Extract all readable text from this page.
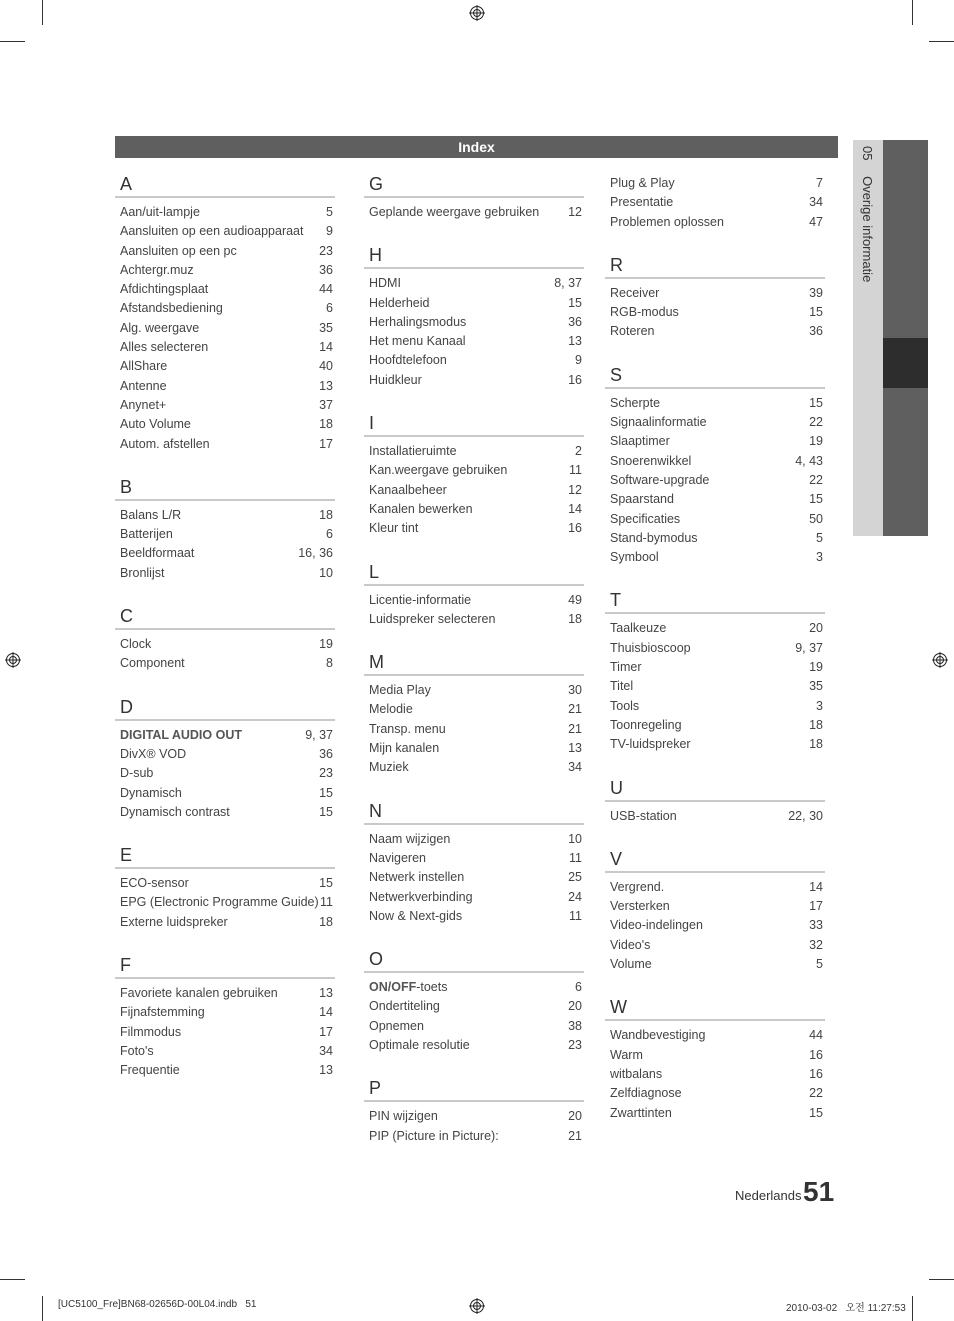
Index	05 Overige informatie
A
Aan/uit-lampje	5
Aansluiten op een audioapparaat 9
Aansluiten op een pc	23
Achtergr.muz	36
Afdichtingsplaat	44
Afstandsbediening	6
Alg. weergave	35
Alles selecteren	14
AllShare	40
Antenne	13
Anynet+	37
Auto Volume	18
Autom. afstellen	17
B
Balans L/R	18
Batterijen	6
Beeldformaat	16, 36
Bronlijst	10
C
Clock	19
Component	8
D
DIGITAL AUDIO OUT	9, 37
DivX® VOD	36
D-sub	23
Dynamisch	15
Dynamisch contrast	15
E
ECO-sensor	15
EPG (Electronic Programme Guide) 11
Externe luidspreker	18
F
Favoriete kanalen gebruiken	13
Fijnafstemming	14
Filmmodus	17
Foto's	34
Frequentie	13
G
Geplande weergave gebruiken 12
H
HDMI	8, 37
Helderheid	15
Herhalingsmodus	36
Het menu Kanaal	13
Hoofdtelefoon	9
Huidkleur	16
I
Installatieruimte	2
Kan.weergave gebruiken	11
Kanaalbeheer	12
Kanalen bewerken	14
Kleur tint	16
L
Licentie-informatie	49
Luidspreker selecteren	18
M
Media Play	30
Melodie	21
Transp. menu	21
Mijn kanalen	13
Muziek	34
N
Naam wijzigen	10
Navigeren	11
Netwerk instellen	25
Netwerkverbinding	24
Now & Next-gids	11
O
ON/OFF-toets	6
Ondertiteling	20
Opnemen	38
Optimale resolutie	23
P
PIN wijzigen	20
PIP (Picture in Picture):	21
Plug & Play	7
Presentatie	34
Problemen oplossen	47
R
Receiver	39
RGB-modus	15
Roteren	36
S
Scherpte	15
Signaalinformatie	22
Slaaptimer	19
Snoerenwikkel	4, 43
Software-upgrade	22
Spaarstand	15
Specificaties	50
Stand-bymodus	5
Symbool	3
T
Taalkeuze	20
Thuisbioscoop	9, 37
Timer	19
Titel	35
Tools	3
Toonregeling	18
TV-luidspreker	18
U
USB-station	22, 30
V
Vergrend.	14
Versterken	17
Video-indelingen	33
Video's	32
Volume	5
W
Wandbevestiging	44
Warm	16
witbalans	16
Zelfdiagnose	22
Zwarttinten	15
Nederlands 51
[UC5100_Fre]BN68-02656D-00L04.indb   51	2010-03-02   오전 11:27:53
